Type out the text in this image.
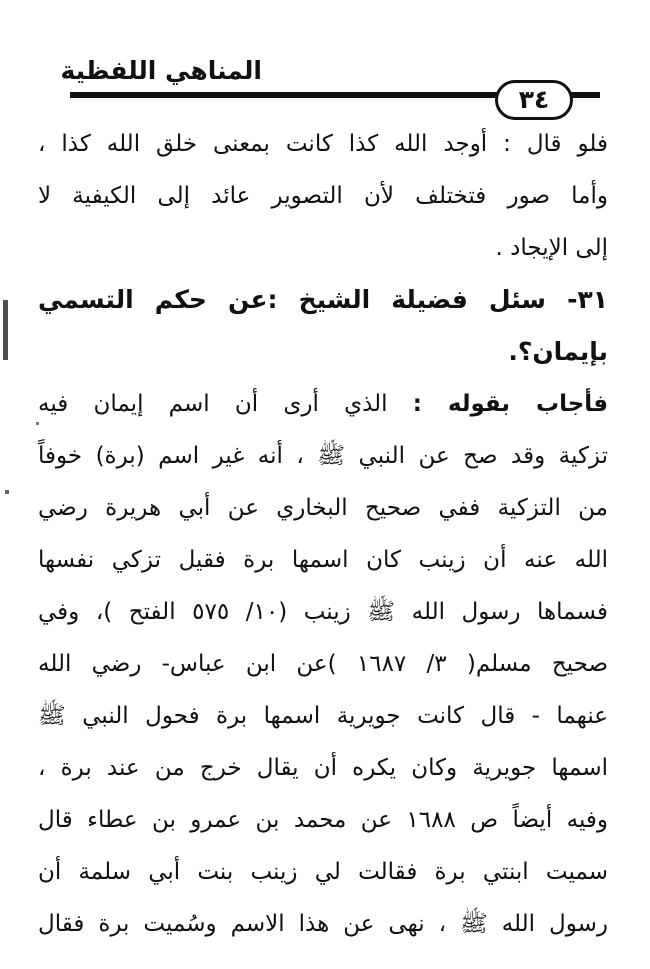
المناهي اللفظية
٣٤
فلو قال : أوجد الله كذا كانت بمعنى خلق الله كذا ،
وأما صور فتختلف لأن التصوير عائد إلى الكيفية لا
إلى الإيجاد .
٣١- سئل فضيلة الشيخ :عن حكم التسمي
بإيمان؟.
فأجاب بقوله : الذي أرى أن اسم إيمان فيه
تزكية وقد صح عن النبي ﷺ ، أنه غير اسم (برة) خوفاً
من التزكية ففي صحيح البخاري عن أبي هريرة رضي
الله عنه أن زينب كان اسمها برة فقيل تزكي نفسها
فسماها رسول الله ﷺ زينب (١٠/ ٥٧٥ الفتح )، وفي
صحيح مسلم( ٣/ ١٦٨٧ )عن ابن عباس- رضي الله
عنهما - قال كانت جويرية اسمها برة فحول النبي ﷺ
اسمها جويرية وكان يكره أن يقال خرج من عند برة ،
وفيه أيضاً ص ١٦٨٨ عن محمد بن عمرو بن عطاء قال
سميت ابنتي برة فقالت لي زينب بنت أبي سلمة أن
رسول الله ﷺ ، نهى عن هذا الاسم وسُميت برة فقال
